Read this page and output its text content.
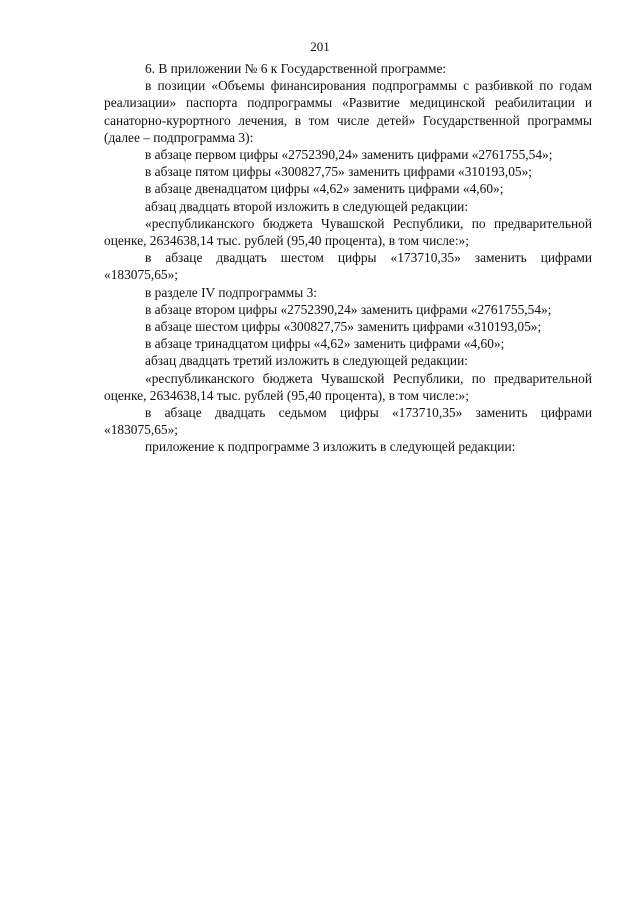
201

6. В приложении № 6 к Государственной программе:

в позиции «Объемы финансирования подпрограммы с разбивкой по годам реализации» паспорта подпрограммы «Развитие медицинской реабилитации и санаторно-курортного лечения, в том числе детей» Государственной программы (далее – подпрограмма 3):

в абзаце первом цифры «2752390,24» заменить цифрами «2761755,54»;

в абзаце пятом цифры «300827,75» заменить цифрами «310193,05»;

в абзаце двенадцатом цифры «4,62» заменить цифрами «4,60»;

абзац двадцать второй изложить в следующей редакции:

«республиканского бюджета Чувашской Республики, по предварительной оценке, 2634638,14 тыс. рублей (95,40 процента), в том числе:»;

в абзаце двадцать шестом цифры «173710,35» заменить цифрами «183075,65»;

в разделе IV подпрограммы 3:

в абзаце втором цифры «2752390,24» заменить цифрами «2761755,54»;

в абзаце шестом цифры «300827,75» заменить цифрами «310193,05»;

в абзаце тринадцатом цифры «4,62» заменить цифрами «4,60»;

абзац двадцать третий изложить в следующей редакции:

«республиканского бюджета Чувашской Республики, по предварительной оценке, 2634638,14 тыс. рублей (95,40 процента), в том числе:»;

в абзаце двадцать седьмом цифры «173710,35» заменить цифрами «183075,65»;

приложение к подпрограмме 3 изложить в следующей редакции:
